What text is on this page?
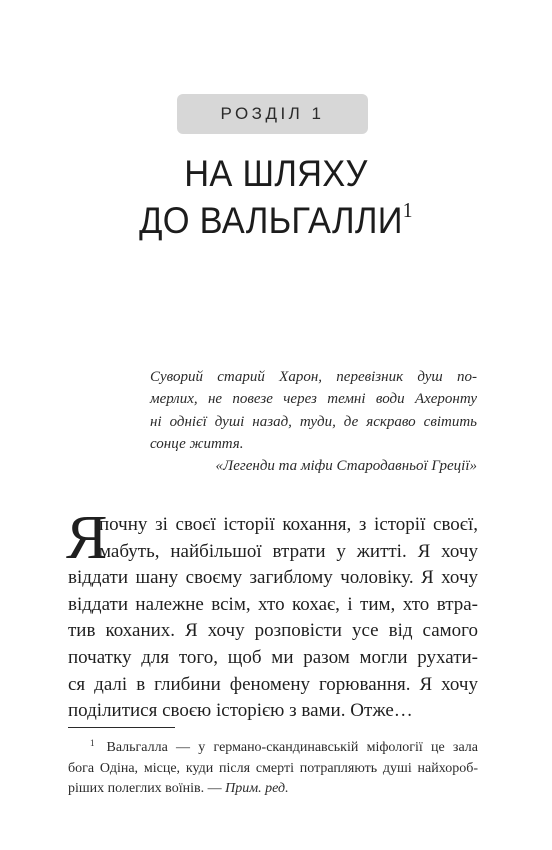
РОЗДІЛ 1
НА ШЛЯХУ
ДО ВАЛЬГАЛЛИ$^1$
Суворий старий Харон, перевізник душ по-
мерлих, не повезе через темні води Ахеронту
ні однієї душі назад, туди, де яскраво світить
сонце життя.
«Легенди та міфи Стародавньої Греції»
Я
почну зі своєї історії кохання, з історії своєї,
мабуть, найбільшої втрати у житті. Я хочу
віддати шану своєму загиблому чоловіку. Я хочу
віддати належне всім, хто кохає, і тим, хто втра-
тив коханих. Я хочу розповісти усе від самого
початку для того, щоб ми разом могли рухати-
ся далі в глибини феномену горювання. Я хочу
поділитися своєю історією з вами. Отже…
$^1$ Вальгалла — у германо-скандинавській міфології це зала
бога Одіна, місце, куди після смерті потрапляють душі найхороб-
ріших полеглих воїнів. — Прим. ред.
